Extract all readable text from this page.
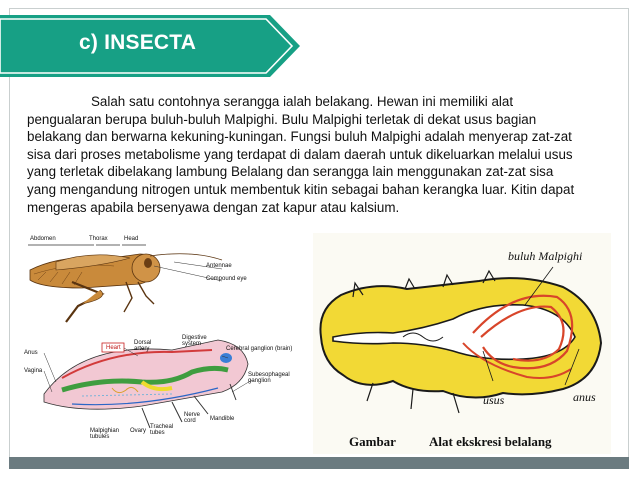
c) INSECTA
Salah satu contohnya serangga ialah belakang. Hewan ini memiliki alat
pengualaran berupa buluh-buluh Malpighi. Bulu Malpighi terletak di dekat usus bagian
belakang dan berwarna kekuning-kuningan. Fungsi buluh Malpighi adalah menyerap zat-zat
sisa dari proses metabolisme yang terdapat di dalam daerah untuk dikeluarkan melalui usus
yang terletak dibelakang lambung Belalang dan serangga lain menggunakan zat-zat sisa
yang mengandung nitrogen untuk membentuk kitin sebagai bahan kerangka luar. Kitin dapat
mengeras apabila bersenyawa dengan zat kapur atau kalsium.
Abdomen	Thorax	Head
Antennae
Compound eye
Heart
Dorsal artery
Digestive system
Cerebral ganglion (brain)
Anus
Vagina
Subesophageal ganglion
Nerve cord	Mandible
Malpighian tubules
Ovary
Tracheal tubes
buluh Malpighi
usus	anus
Gambar	Alat ekskresi belalang
